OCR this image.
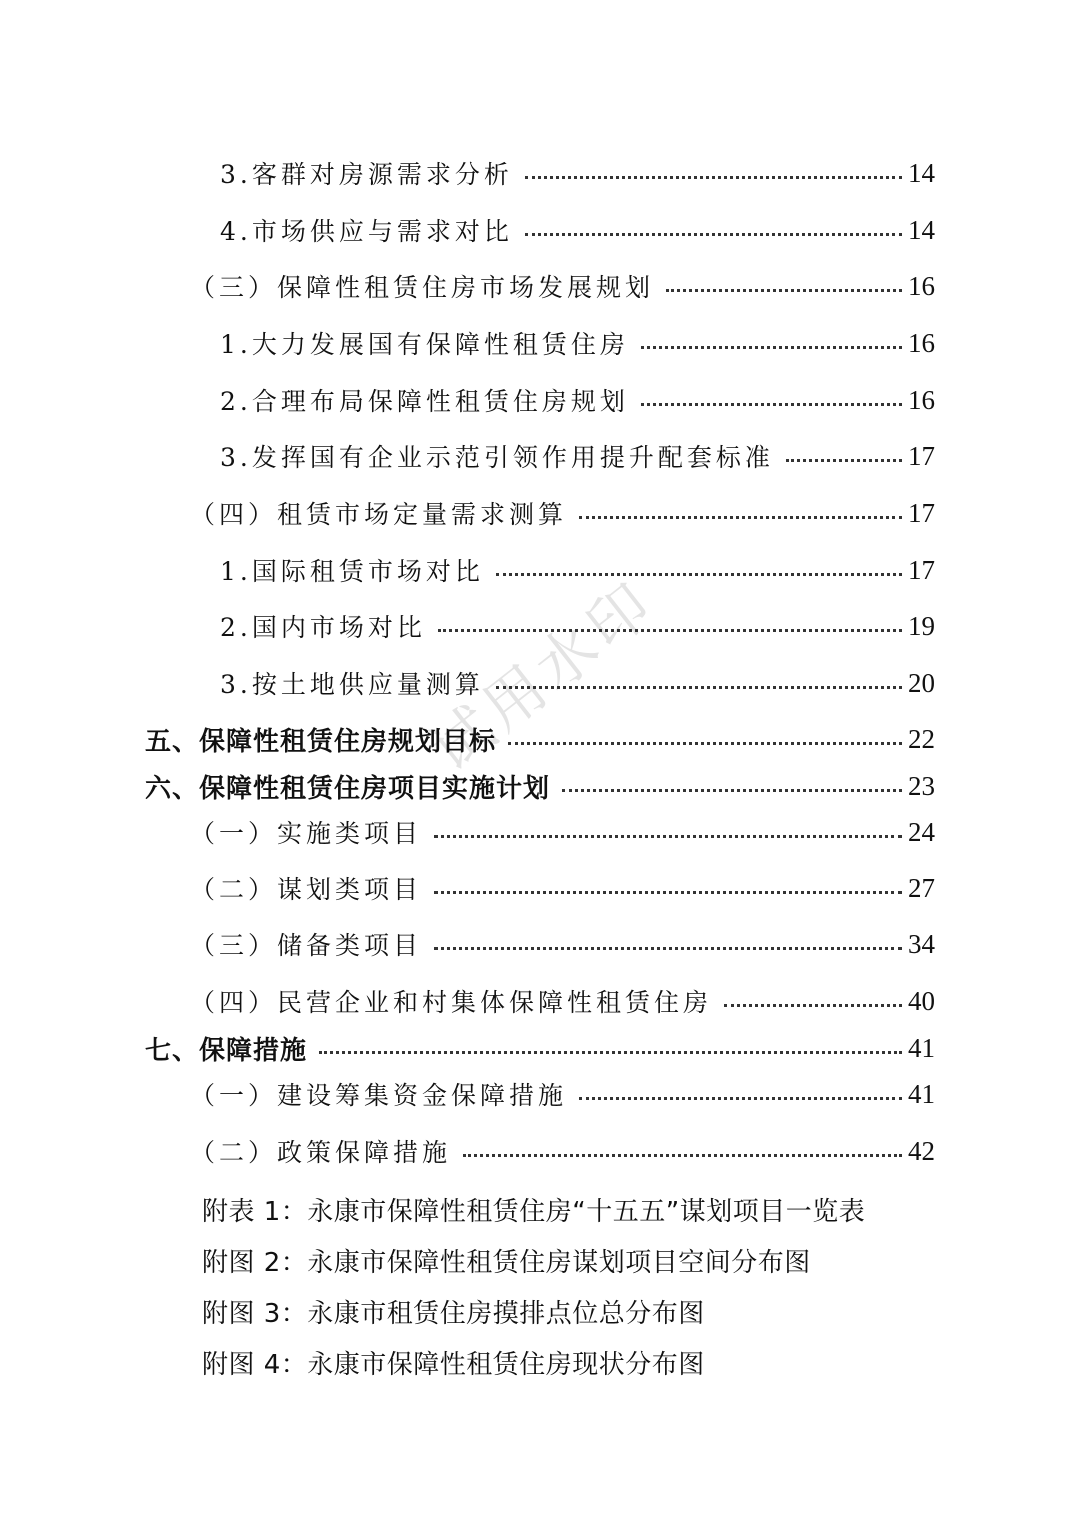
试用水印
3.客群对房源需求分析	14
4.市场供应与需求对比	14
（三）保障性租赁住房市场发展规划	16
1.大力发展国有保障性租赁住房	16
2.合理布局保障性租赁住房规划	16
3.发挥国有企业示范引领作用提升配套标准	17
（四）租赁市场定量需求测算	17
1.国际租赁市场对比	17
2.国内市场对比	19
3.按土地供应量测算	20
五、保障性租赁住房规划目标	22
六、保障性租赁住房项目实施计划	23
（一）实施类项目	24
（二）谋划类项目	27
（三）储备类项目	34
（四）民营企业和村集体保障性租赁住房	40
七、保障措施	41
（一）建设筹集资金保障措施	41
（二）政策保障措施	42
附表 1：永康市保障性租赁住房“十五五”谋划项目一览表
附图 2：永康市保障性租赁住房谋划项目空间分布图
附图 3：永康市租赁住房摸排点位总分布图
附图 4：永康市保障性租赁住房现状分布图
